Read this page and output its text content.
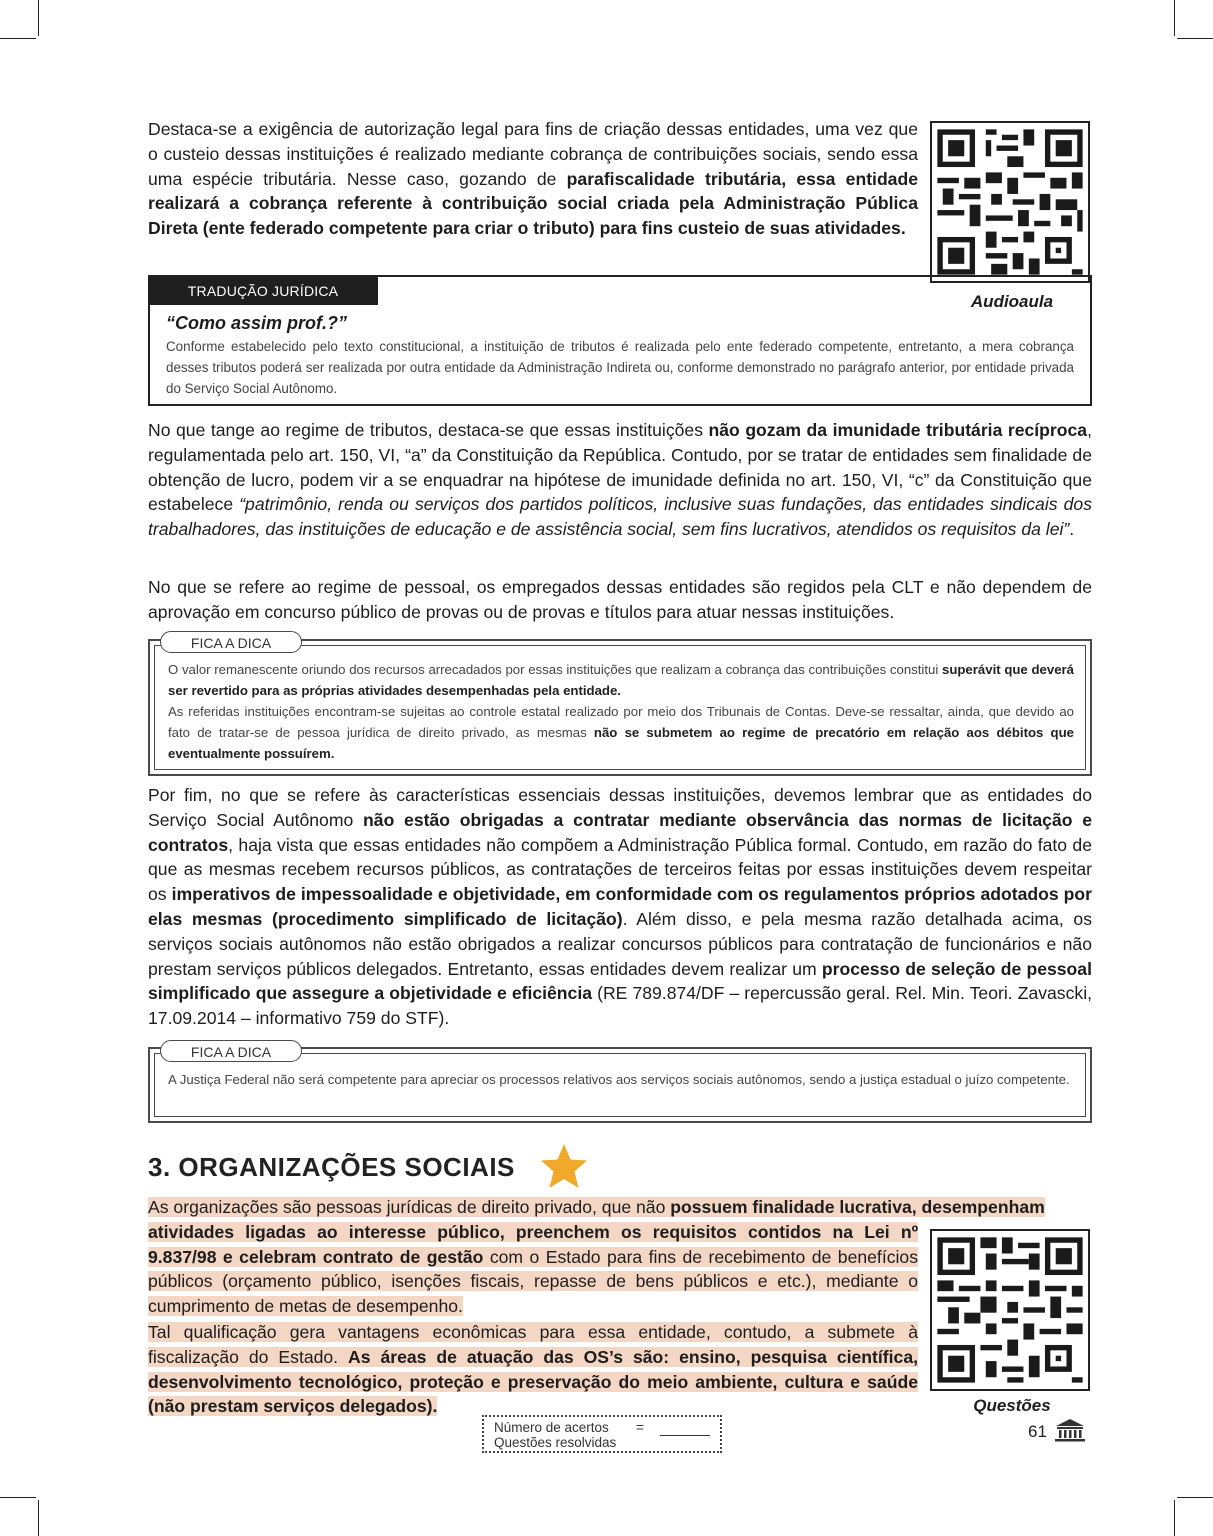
Destaca-se a exigência de autorização legal para fins de criação dessas entidades, uma vez que o custeio dessas instituições é realizado mediante cobrança de contribuições sociais, sendo essa uma espécie tributária. Nesse caso, gozando de parafiscalidade tributária, essa entidade realizará a cobrança referente à contribuição social criada pela Administração Pública Direta (ente federado competente para criar o tributo) para fins custeio de suas atividades.

Audioaula
TRADUÇÃO JURÍDICA
“Como assim prof.?”

Conforme estabelecido pelo texto constitucional, a instituição de tributos é realizada pelo ente federado competente, entretanto, a mera cobrança desses tributos poderá ser realizada por outra entidade da Administração Indireta ou, conforme demonstrado no parágrafo anterior, por entidade privada do Serviço Social Autônomo.

No que tange ao regime de tributos, destaca-se que essas instituições não gozam da imunidade tributária recíproca, regulamentada pelo art. 150, VI, “a” da Constituição da República. Contudo, por se tratar de entidades sem finalidade de obtenção de lucro, podem vir a se enquadrar na hipótese de imunidade definida no art. 150, VI, “c” da Constituição que estabelece “patrimônio, renda ou serviços dos partidos políticos, inclusive suas fundações, das entidades sindicais dos trabalhadores, das instituições de educação e de assistência social, sem fins lucrativos, atendidos os requisitos da lei”.

No que se refere ao regime de pessoal, os empregados dessas entidades são regidos pela CLT e não dependem de aprovação em concurso público de provas ou de provas e títulos para atuar nessas instituições.

FICA A DICA

O valor remanescente oriundo dos recursos arrecadados por essas instituições que realizam a cobrança das contribuições constitui superávit que deverá ser revertido para as próprias atividades desempenhadas pela entidade.

As referidas instituições encontram-se sujeitas ao controle estatal realizado por meio dos Tribunais de Contas. Deve-se ressaltar, ainda, que devido ao fato de tratar-se de pessoa jurídica de direito privado, as mesmas não se submetem ao regime de precatório em relação aos débitos que eventualmente possuírem.

Por fim, no que se refere às características essenciais dessas instituições, devemos lembrar que as entidades do Serviço Social Autônomo não estão obrigadas a contratar mediante observância das normas de licitação e contratos, haja vista que essas entidades não compõem a Administração Pública formal. Contudo, em razão do fato de que as mesmas recebem recursos públicos, as contratações de terceiros feitas por essas instituições devem respeitar os imperativos de impessoalidade e objetividade, em conformidade com os regulamentos próprios adotados por elas mesmas (procedimento simplificado de licitação). Além disso, e pela mesma razão detalhada acima, os serviços sociais autônomos não estão obrigados a realizar concursos públicos para contratação de funcionários e não prestam serviços públicos delegados. Entretanto, essas entidades devem realizar um processo de seleção de pessoal simplificado que assegure a objetividade e eficiência (RE 789.874/DF – repercussão geral. Rel. Min. Teori. Zavascki, 17.09.2014 – informativo 759 do STF).

FICA A DICA

A Justiça Federal não será competente para apreciar os processos relativos aos serviços sociais autônomos, sendo a justiça estadual o juízo competente.

3. ORGANIZAÇÕES SOCIAIS

As organizações são pessoas jurídicas de direito privado, que não possuem finalidade lucrativa, desempenham
atividades ligadas ao interesse público, preenchem os requisitos contidos na Lei nº 9.837/98 e celebram contrato de gestão com o Estado para fins de recebimento de benefícios públicos (orçamento público, isenções fiscais, repasse de bens públicos e etc.), mediante o cumprimento de metas de desempenho.

Tal qualificação gera vantagens econômicas para essa entidade, contudo, a submete à fiscalização do Estado. As áreas de atuação das OS’s são: ensino, pesquisa científica, desenvolvimento tecnológico, proteção e preservação do meio ambiente, cultura e saúde (não prestam serviços delegados).	Questões
Número de acertos =
Questões resolvidas
61
